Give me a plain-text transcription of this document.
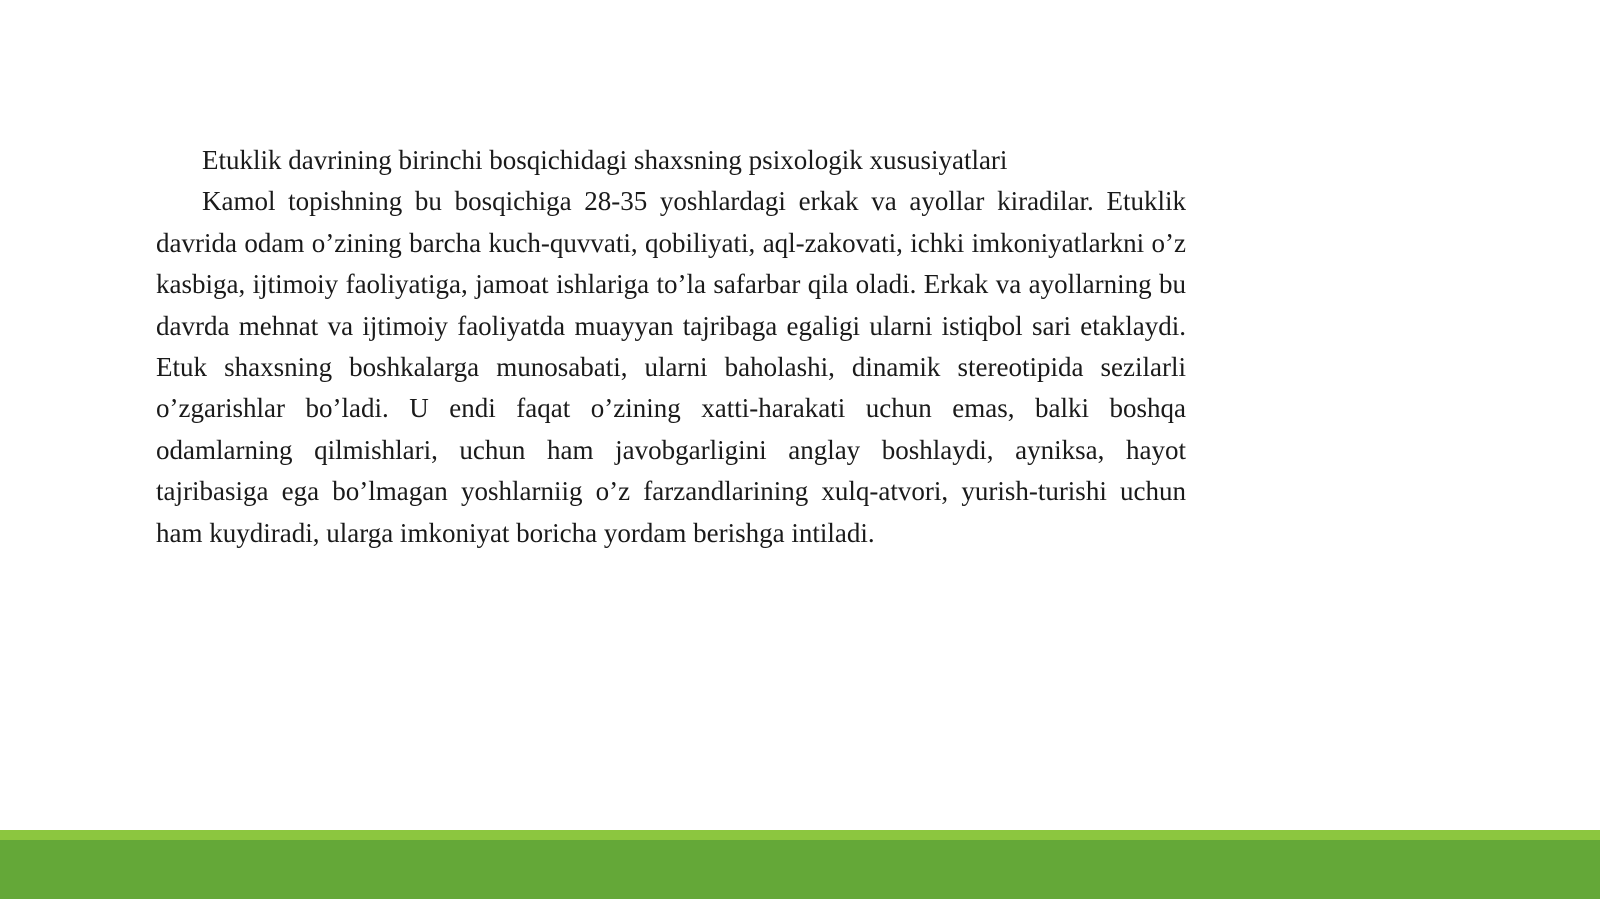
Etuklik davrining birinchi bosqichidagi shaxsning psixologik xususiyatlari

Kamol topishning bu bosqichiga 28-35 yoshlardagi erkak va ayollar kiradilar. Etuklik davrida odam o’zining barcha kuch-quvvati, qobiliyati, aql-zakovati, ichki imkoniyatlarkni o’z kasbiga, ijtimoiy faoliyatiga, jamoat ishlariga to’la safarbar qila oladi. Erkak va ayollarning bu davrda mehnat va ijtimoiy faoliyatda muayyan tajribaga egaligi ularni istiqbol sari etaklaydi. Etuk shaxsning boshkalarga munosabati, ularni baholashi, dinamik stereotipida sezilarli o’zgarishlar bo’ladi. U endi faqat o’zining xatti-harakati uchun emas, balki boshqa odamlarning qilmishlari, uchun ham javobgarligini anglay boshlaydi, ayniksa, hayot tajribasiga ega bo’lmagan yoshlarniig o’z farzandlarining xulq-atvori, yurish-turishi uchun ham kuydiradi, ularga imkoniyat boricha yordam berishga intiladi.
